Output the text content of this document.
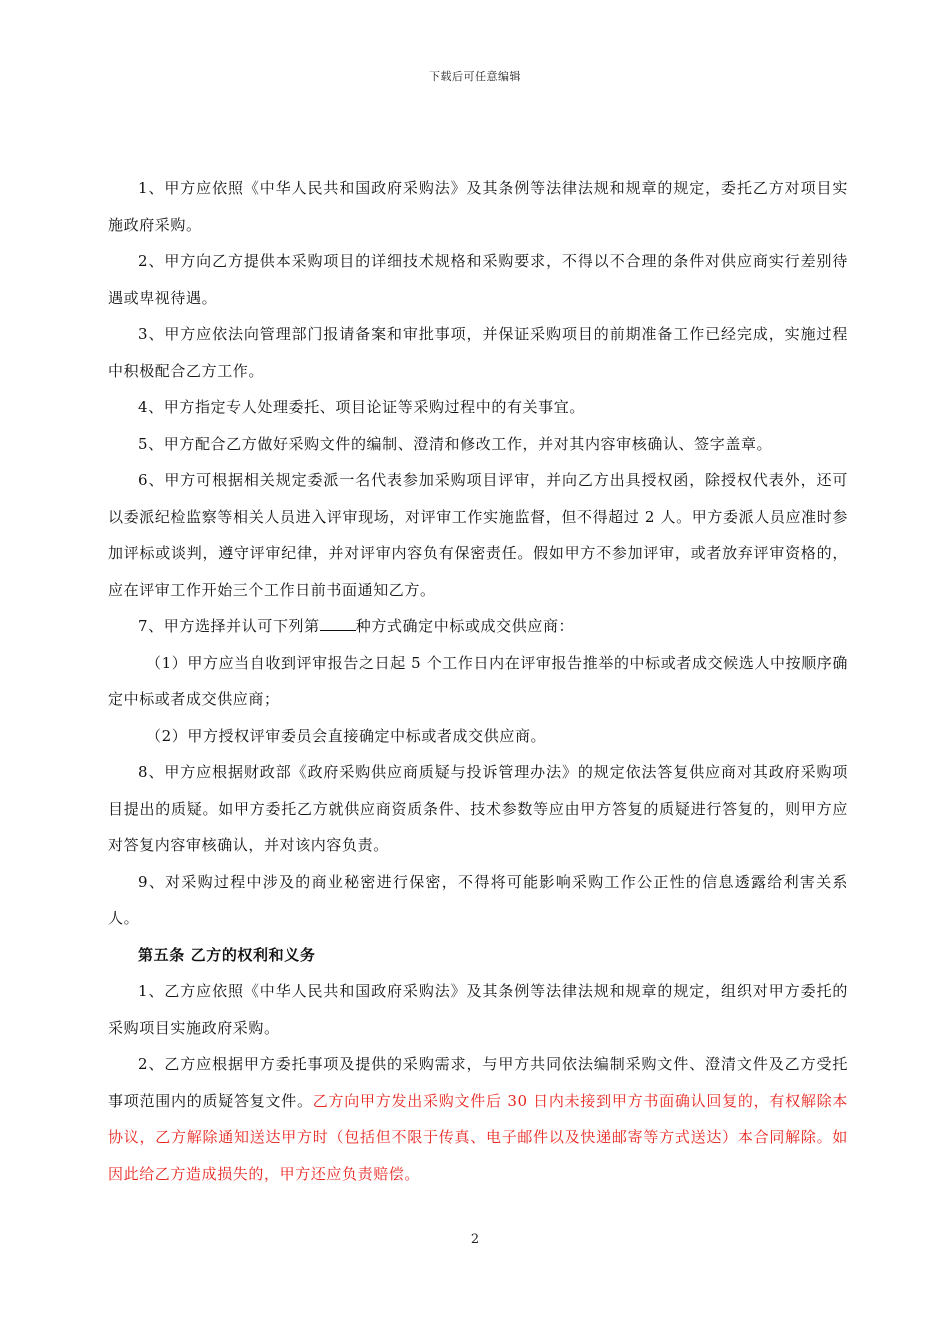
下载后可任意编辑

1、甲方应依照《中华人民共和国政府采购法》及其条例等法律法规和规章的规定，委托乙方对项目实施政府采购。

2、甲方向乙方提供本采购项目的详细技术规格和采购要求，不得以不合理的条件对供应商实行差别待遇或卑视待遇。

3、甲方应依法向管理部门报请备案和审批事项，并保证采购项目的前期准备工作已经完成，实施过程中积极配合乙方工作。

4、甲方指定专人处理委托、项目论证等采购过程中的有关事宜。

5、甲方配合乙方做好采购文件的编制、澄清和修改工作，并对其内容审核确认、签字盖章。

6、甲方可根据相关规定委派一名代表参加采购项目评审，并向乙方出具授权函，除授权代表外，还可以委派纪检监察等相关人员进入评审现场，对评审工作实施监督，但不得超过 2 人。甲方委派人员应准时参加评标或谈判，遵守评审纪律，并对评审内容负有保密责任。假如甲方不参加评审，或者放弃评审资格的，应在评审工作开始三个工作日前书面通知乙方。

7、甲方选择并认可下列第 种方式确定中标或成交供应商：

（1）甲方应当自收到评审报告之日起 5 个工作日内在评审报告推举的中标或者成交候选人中按顺序确定中标或者成交供应商；

（2）甲方授权评审委员会直接确定中标或者成交供应商。

8、甲方应根据财政部《政府采购供应商质疑与投诉管理办法》的规定依法答复供应商对其政府采购项目提出的质疑。如甲方委托乙方就供应商资质条件、技术参数等应由甲方答复的质疑进行答复的，则甲方应对答复内容审核确认，并对该内容负责。

9、对采购过程中涉及的商业秘密进行保密，不得将可能影响采购工作公正性的信息透露给利害关系人。

第五条 乙方的权利和义务

1、乙方应依照《中华人民共和国政府采购法》及其条例等法律法规和规章的规定，组织对甲方委托的采购项目实施政府采购。

2、乙方应根据甲方委托事项及提供的采购需求，与甲方共同依法编制采购文件、澄清文件及乙方受托事项范围内的质疑答复文件。乙方向甲方发出采购文件后 30 日内未接到甲方书面确认回复的，有权解除本协议，乙方解除通知送达甲方时（包括但不限于传真、电子邮件以及快递邮寄等方式送达）本合同解除。如因此给乙方造成损失的，甲方还应负责赔偿。

2
